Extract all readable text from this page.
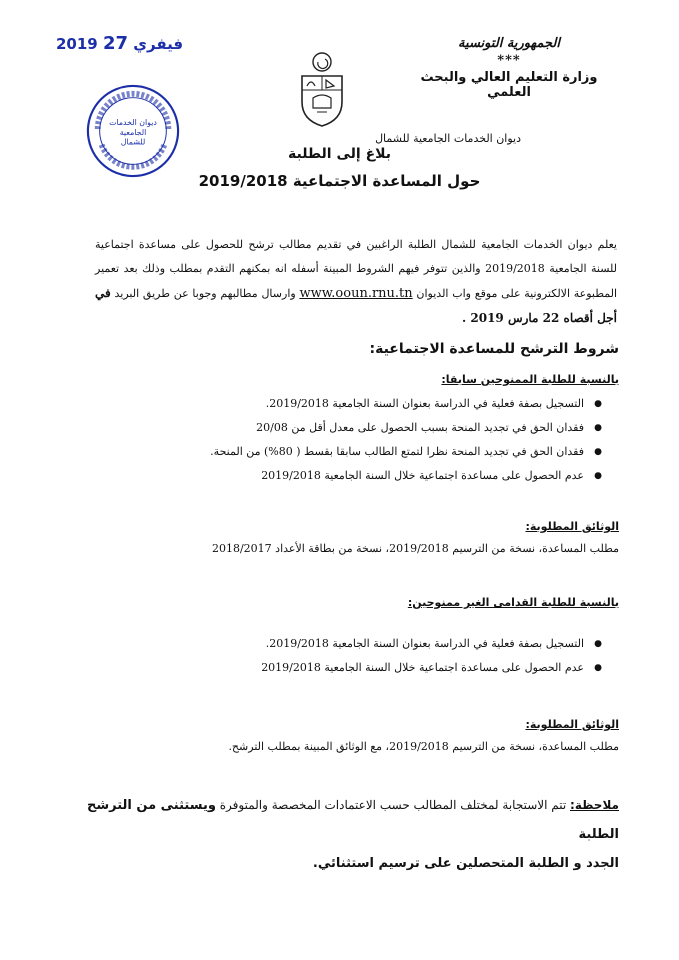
2019 فيفري 27
ديوان الخدمات
الجامعية
للشمال
الجمهورية التونسية
***
وزارة التعليم العالي والبحث العلمي
ديوان الخدمات الجامعية للشمال
بلاغ إلى الطلبة
حول المساعدة الاجتماعية 2019/2018
يعلم ديوان الخدمات الجامعية للشمال الطلبة الراغبين في تقديم مطالب ترشح للحصول على مساعدة اجتماعية للسنة الجامعية 2019/2018 والذين تتوفر فيهم الشروط المبينة أسفله انه بمكنهم التقدم بمطلب وذلك بعد تعمير المطبوعة الالكترونية على موقع واب الديوان www.ooun.rnu.tn وارسال مطالبهم وجوبا عن طريق البريد في أجل أقصاه 22 مارس 2019 .
شروط الترشح للمساعدة الاجتماعية:
بالنسبة للطلبة الممنوحين سابقا:
● التسجيل بصفة فعلية في الدراسة بعنوان السنة الجامعية 2019/2018.
● فقدان الحق في تجديد المنحة بسبب الحصول على معدل أقل من 20/08
● فقدان الحق في تجديد المنحة نظرا لتمتع الطالب سابقا بقسط ( 80%) من المنحة.
● عدم الحصول على مساعدة اجتماعية خلال السنة الجامعية 2019/2018
الوثائق المطلوبة:
مطلب المساعدة، نسخة من الترسيم 2019/2018، نسخة من بطاقة الأعداد 2018/2017
بالنسبة للطلبة القدامى الغير ممنوحين:
● التسجيل بصفة فعلية في الدراسة بعنوان السنة الجامعية 2019/2018.
● عدم الحصول على مساعدة اجتماعية خلال السنة الجامعية 2019/2018
الوثائق المطلوبة:
مطلب المساعدة، نسخة من الترسيم 2019/2018، مع الوثائق المبينة بمطلب الترشح.
ملاحظة: تتم الاستجابة لمختلف المطالب حسب الاعتمادات المخصصة والمتوفرة ويستثنى من الترشح الطلبة
الجدد و الطلبة المتحصلين على ترسيم استثنائي.
